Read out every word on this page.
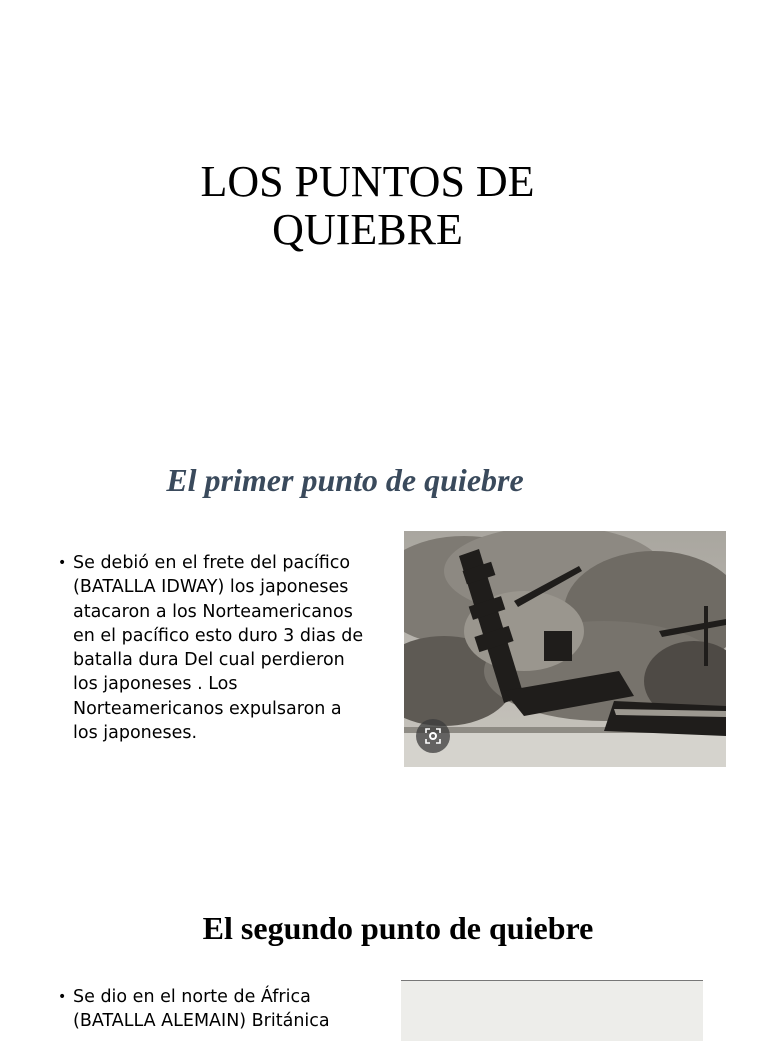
LOS PUNTOS DE QUIEBRE
El primer punto de quiebre
• Se debió en el frete del pacífico (BATALLA IDWAY) los japoneses atacaron a los Norteamericanos en el pacífico esto duro 3 dias de batalla dura Del cual perdieron los japoneses . Los Norteamericanos expulsaron a los japoneses.
El segundo punto de quiebre
• Se dio en el norte de África (BATALLA ALEMAIN) Británica
